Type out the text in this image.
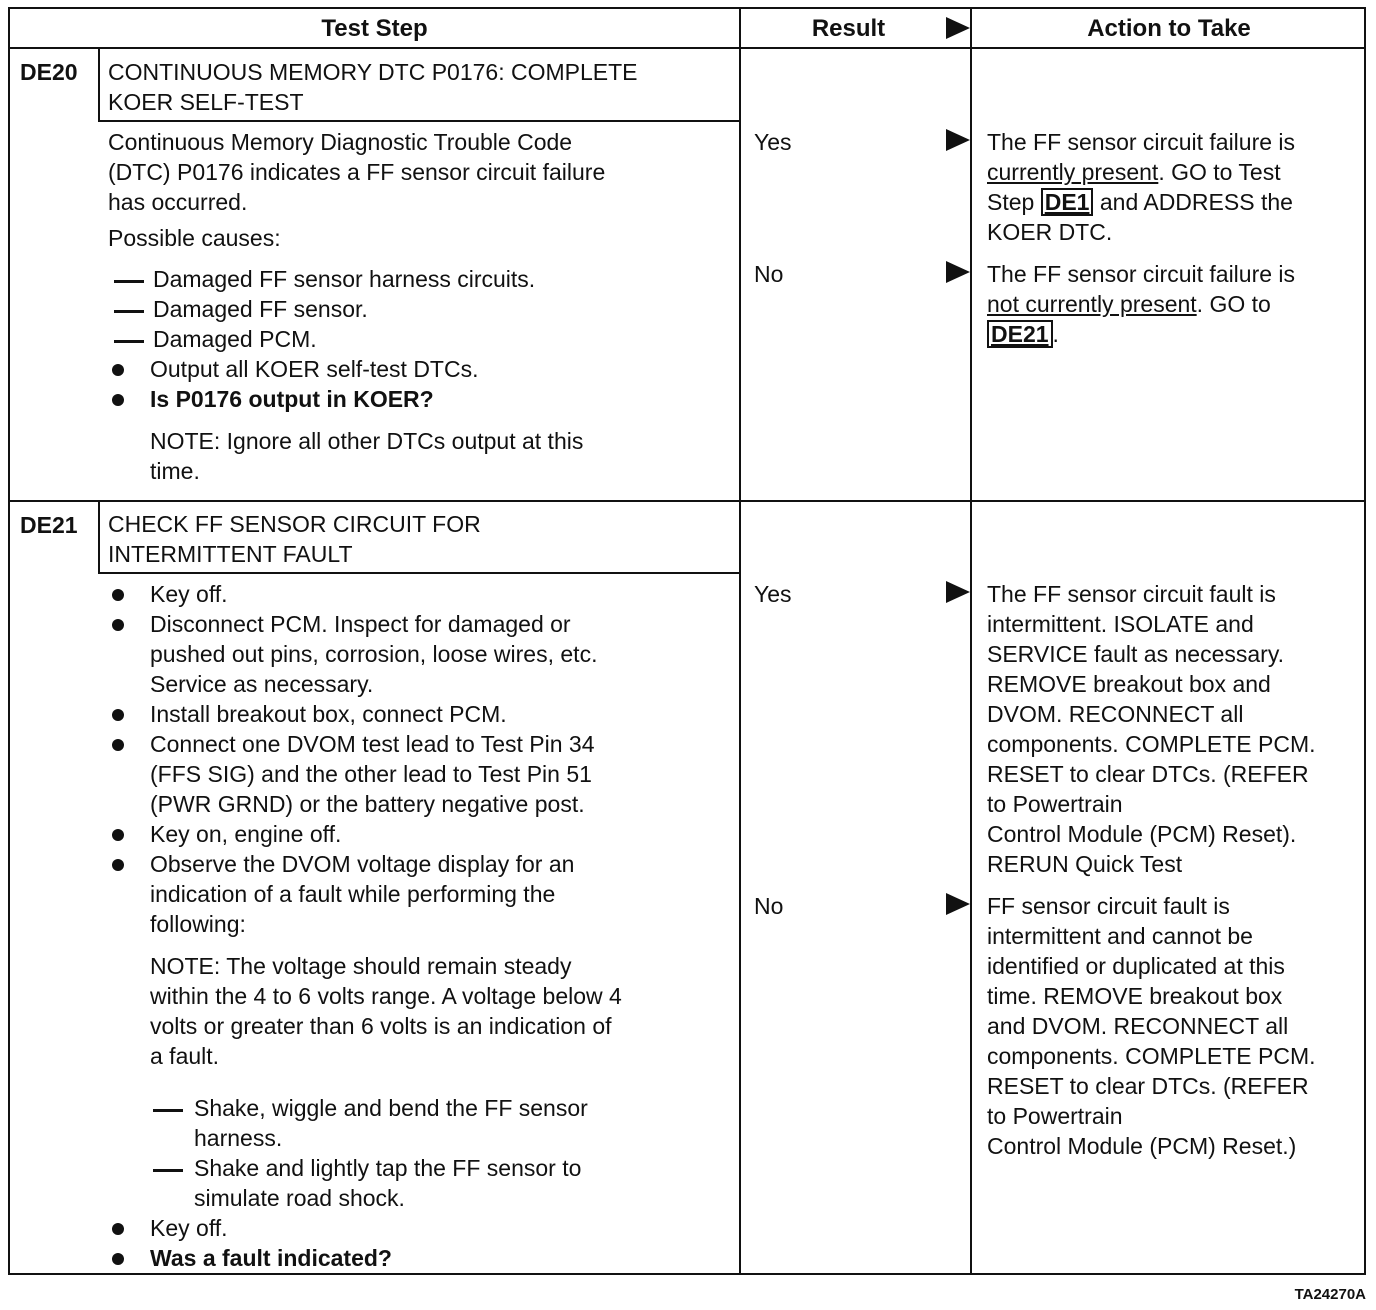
Test Step	Result	Action to Take
DE20 CONTINUOUS MEMORY DTC P0176: COMPLETE
KOER SELF-TEST
Continuous Memory Diagnostic Trouble Code
(DTC) P0176 indicates a FF sensor circuit failure
has occurred.
Possible causes:
Damaged FF sensor harness circuits.
Damaged FF sensor.
Damaged PCM.
Output all KOER self-test DTCs.
Is P0176 output in KOER?
NOTE: Ignore all other DTCs output at this
time.
Yes
No
The FF sensor circuit failure is
currently present. GO to Test
Step DE1 and ADDRESS the
KOER DTC.
The FF sensor circuit failure is
not currently present. GO to
DE21 .
DE21 CHECK FF SENSOR CIRCUIT FOR
INTERMITTENT FAULT
Key off.
Disconnect PCM. Inspect for damaged or
pushed out pins, corrosion, loose wires, etc.
Service as necessary.
Install breakout box, connect PCM.
Connect one DVOM test lead to Test Pin 34
(FFS SIG) and the other lead to Test Pin 51
(PWR GRND) or the battery negative post.
Key on, engine off.
Observe the DVOM voltage display for an
indication of a fault while performing the
following:
NOTE: The voltage should remain steady
within the 4 to 6 volts range. A voltage below 4
volts or greater than 6 volts is an indication of
a fault.
Shake, wiggle and bend the FF sensor
harness.
Shake and lightly tap the FF sensor to
simulate road shock.
Key off.
Was a fault indicated?
Yes
No
The FF sensor circuit fault is
intermittent. ISOLATE and
SERVICE fault as necessary.
REMOVE breakout box and
DVOM. RECONNECT all
components. COMPLETE PCM.
RESET to clear DTCs. (REFER
to Powertrain
Control Module (PCM) Reset).
RERUN Quick Test
FF sensor circuit fault is
intermittent and cannot be
identified or duplicated at this
time. REMOVE breakout box
and DVOM. RECONNECT all
components. COMPLETE PCM.
RESET to clear DTCs. (REFER
to Powertrain
Control Module (PCM) Reset.)
TA24270A
